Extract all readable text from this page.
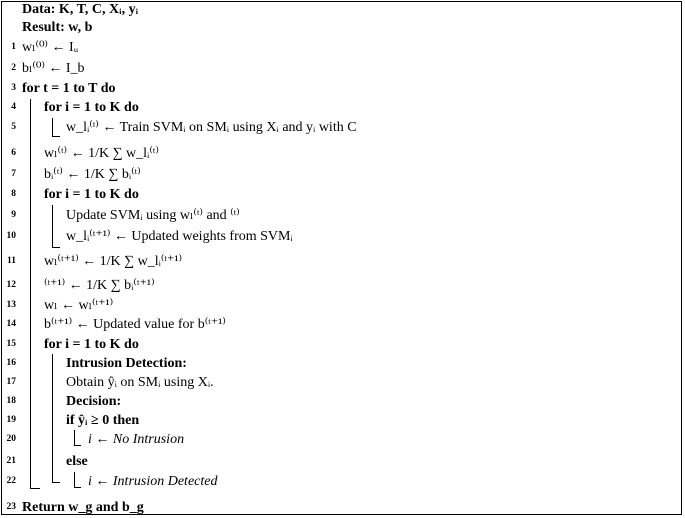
Data: K, T, C, Xᵢ, yᵢ
Result: w, b
1
2
3
4
5
6
7
8
9
10
11
12
13
14
15
16
17
18
19
20
21
22
23
wₗ⁽⁰⁾ ← Iᵤ
bₗ⁽⁰⁾ ← I_b
for t = 1 to T do
for i = 1 to K do
w_lᵢ⁽ᵗ⁾ ← Train SVMᵢ on SMᵢ using Xᵢ and yᵢ with C
wₗ⁽ᵗ⁾ ← 1/K ∑ w_lᵢ⁽ᵗ⁾
bᵢ⁽ᵗ⁾ ← 1/K ∑ bᵢ⁽ᵗ⁾
for i = 1 to K do
Update SVMᵢ using wₗ⁽ᵗ⁾ and ⁽ᵗ⁾
w_lᵢ⁽ᵗ⁺¹⁾ ← Updated weights from SVMᵢ
wₗ⁽ᵗ⁺¹⁾ ← 1/K ∑ w_lᵢ⁽ᵗ⁺¹⁾
⁽ᵗ⁺¹⁾ ← 1/K ∑ bᵢ⁽ᵗ⁺¹⁾
wₗ ← wₗ⁽ᵗ⁺¹⁾
b⁽ᵗ⁺¹⁾ ← Updated value for b⁽ᵗ⁺¹⁾
for i = 1 to K do
Intrusion Detection:
Obtain ŷᵢ on SMᵢ using Xᵢ.
Decision:
if ŷᵢ ≥ 0 then
i ← No Intrusion
else
i ← Intrusion Detected
Return w_g and b_g
